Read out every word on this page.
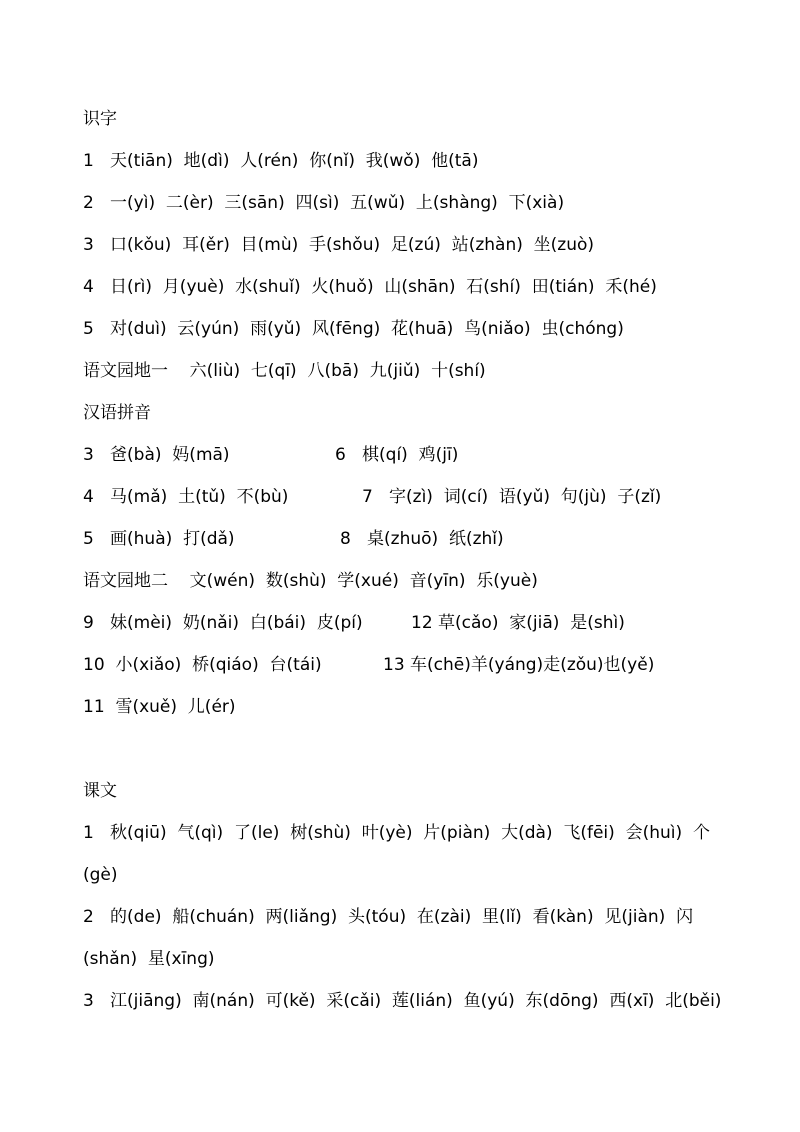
识字
1   天(tiān)  地(dì)  人(rén)  你(nǐ)  我(wǒ)  他(tā)
2   一(yì)  二(èr)  三(sān)  四(sì)  五(wǔ)  上(shàng)  下(xià)
3   口(kǒu)  耳(ěr)  目(mù)  手(shǒu)  足(zú)  站(zhàn)  坐(zuò)
4   日(rì)  月(yuè)  水(shuǐ)  火(huǒ)  山(shān)  石(shí)  田(tián)  禾(hé)
5   对(duì)  云(yún)  雨(yǔ)  风(fēng)  花(huā)  鸟(niǎo)  虫(chóng)
语文园地一    六(liù)  七(qī)  八(bā)  九(jiǔ)  十(shí)
汉语拼音
3   爸(bà)  妈(mā)	6   棋(qí)  鸡(jī)
4   马(mǎ)  土(tǔ)  不(bù)	7   字(zì)  词(cí)  语(yǔ)  句(jù)  子(zǐ)
5   画(huà)  打(dǎ)	8   桌(zhuō)  纸(zhǐ)
语文园地二    文(wén)  数(shù)  学(xué)  音(yīn)  乐(yuè)
9   妹(mèi)  奶(nǎi)  白(bái)  皮(pí)	12 草(cǎo)  家(jiā)  是(shì)
10  小(xiǎo)  桥(qiáo)  台(tái)	13 车(chē)羊(yáng)走(zǒu)也(yě)
11  雪(xuě)  儿(ér)
课文
1   秋(qiū)  气(qì)  了(le)  树(shù)  叶(yè)  片(piàn)  大(dà)  飞(fēi)  会(huì)  个
(gè)
2   的(de)  船(chuán)  两(liǎng)  头(tóu)  在(zài)  里(lǐ)  看(kàn)  见(jiàn)  闪
(shǎn)  星(xīng)
3   江(jiāng)  南(nán)  可(kě)  采(cǎi)  莲(lián)  鱼(yú)  东(dōng)  西(xī)  北(běi)
